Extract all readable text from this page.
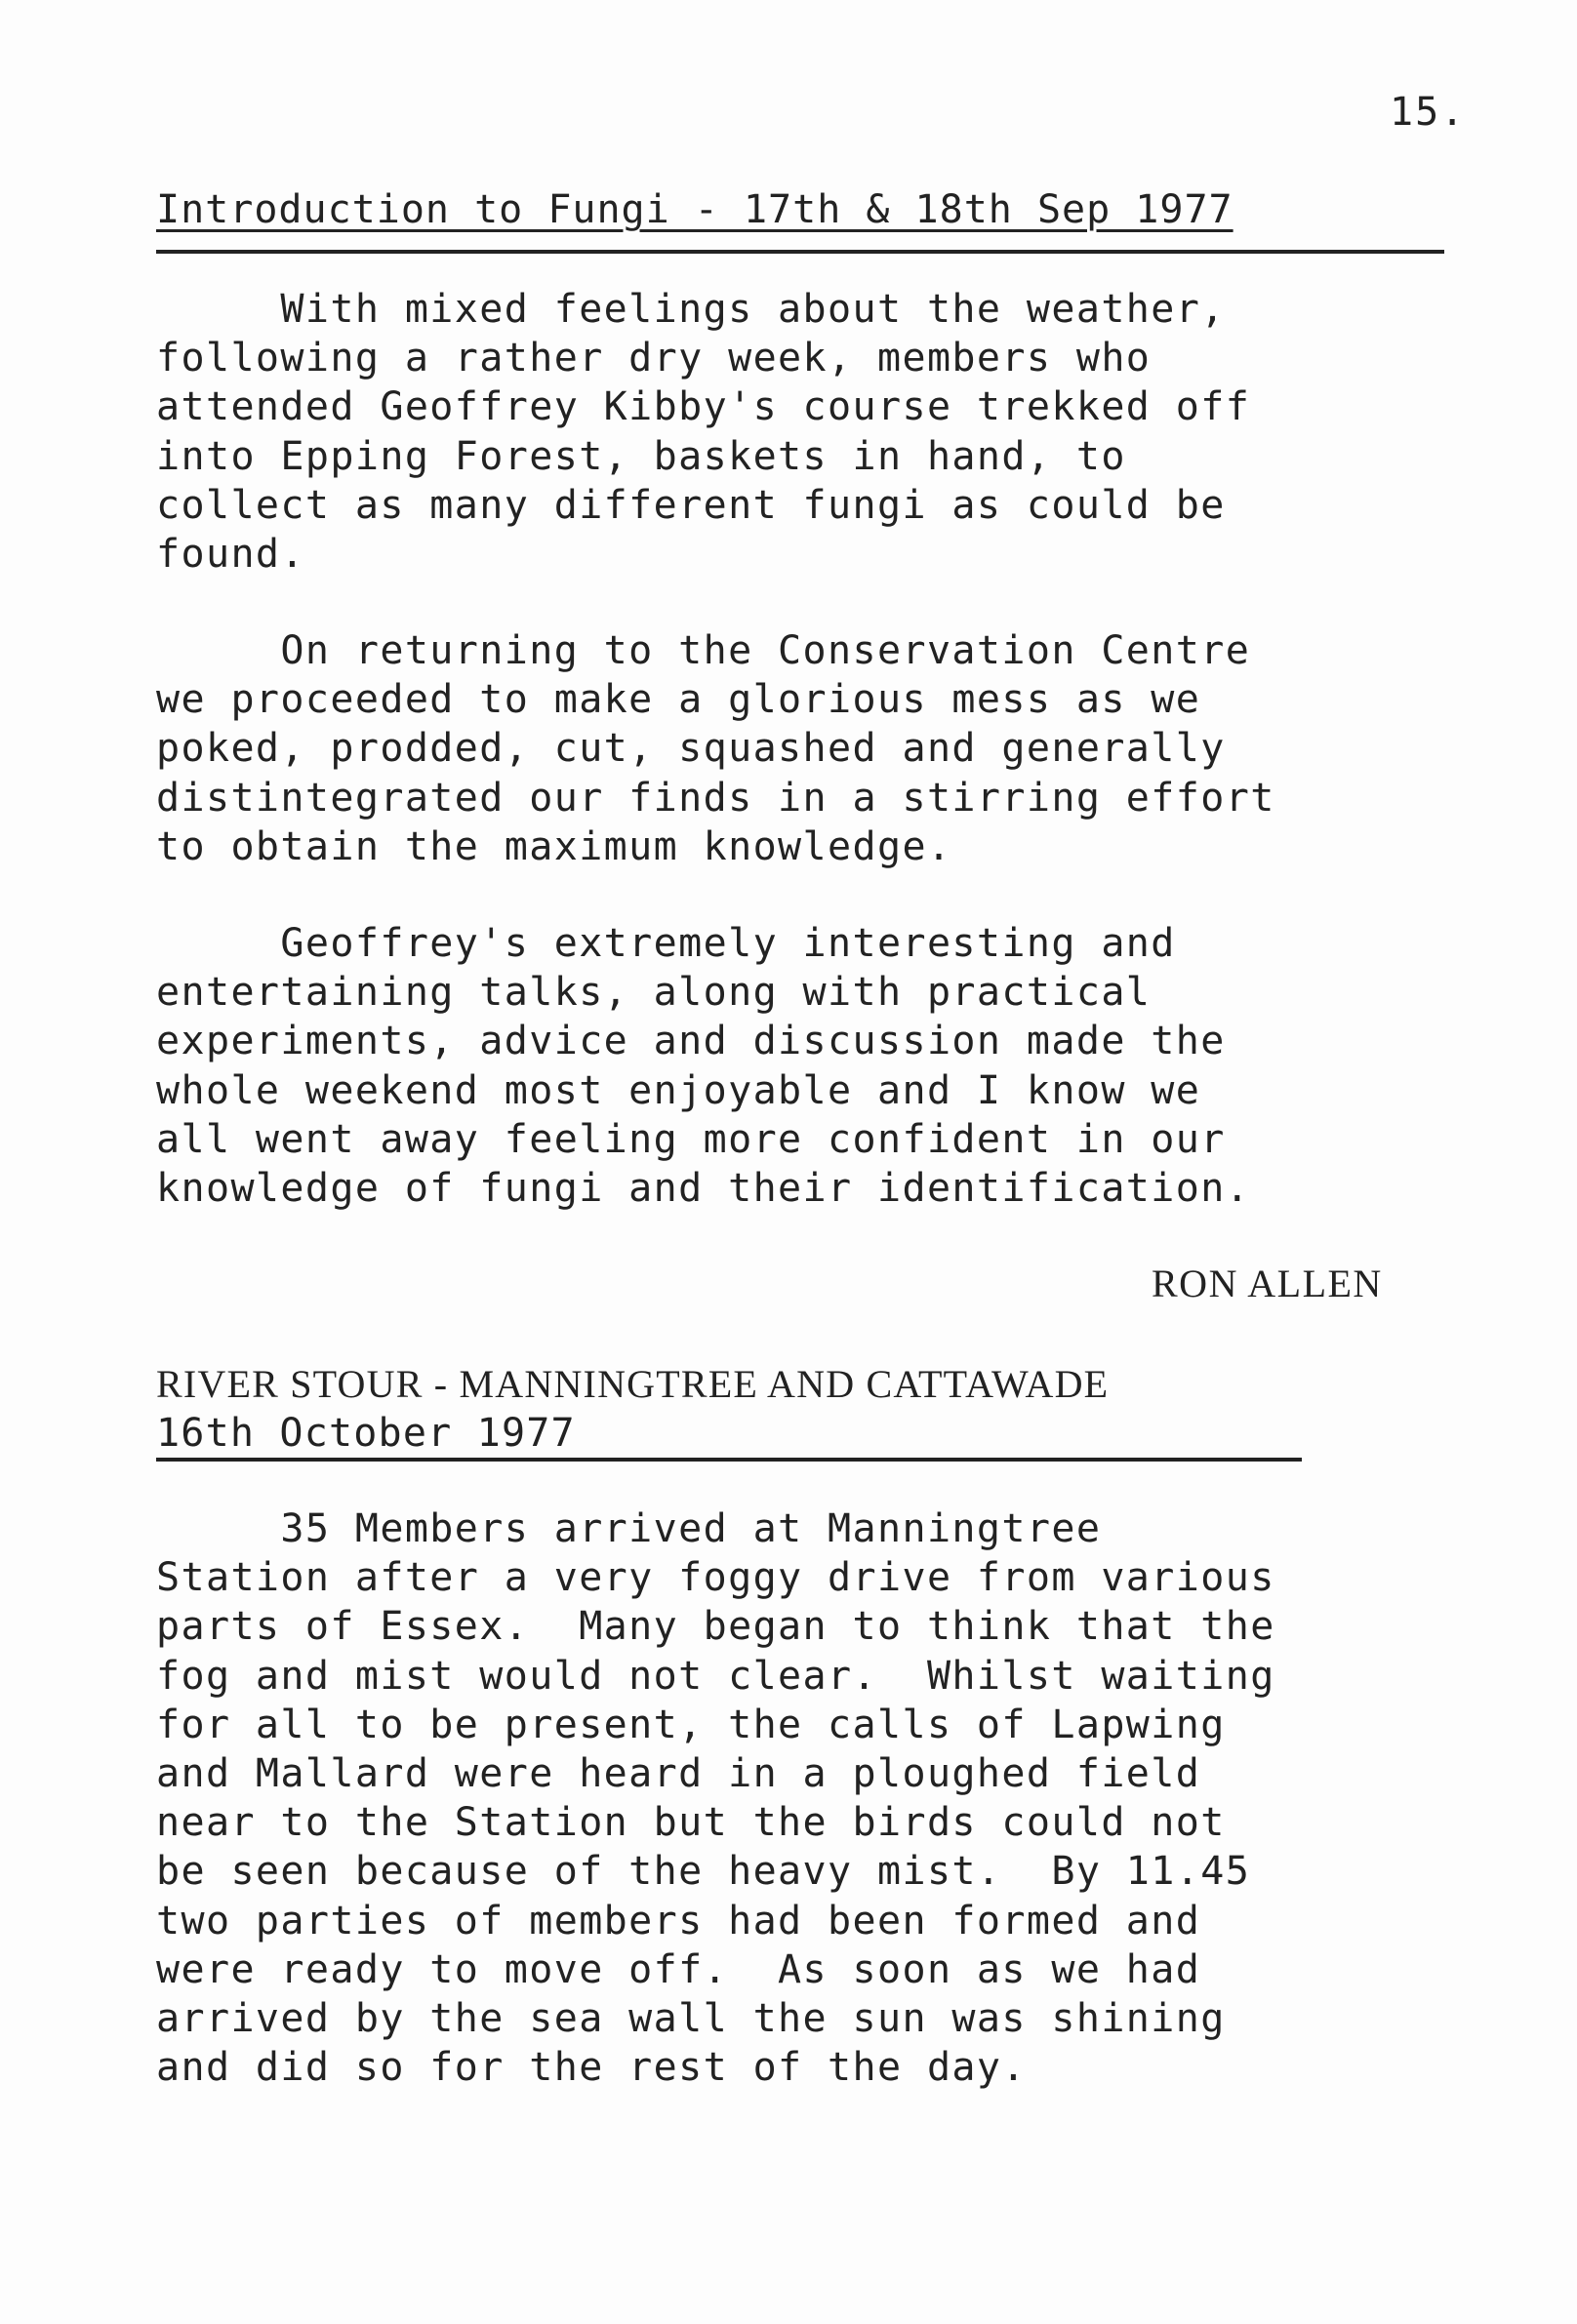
15.
Introduction to Fungi - 17th & 18th Sep 1977

With mixed feelings about the weather,
following a rather dry week, members who
attended Geoffrey Kibby's course trekked off
into Epping Forest, baskets in hand, to
collect as many different fungi as could be
found.

On returning to the Conservation Centre
we proceeded to make a glorious mess as we
poked, prodded, cut, squashed and generally
distintegrated our finds in a stirring effort
to obtain the maximum knowledge.

Geoffrey's extremely interesting and
entertaining talks, along with practical
experiments, advice and discussion made the
whole weekend most enjoyable and I know we
all went away feeling more confident in our
knowledge of fungi and their identification.

RON ALLEN
RIVER STOUR - MANNINGTREE AND CATTAWADE
16th October 1977

35 Members arrived at Manningtree
Station after a very foggy drive from various
parts of Essex.  Many began to think that the
fog and mist would not clear.  Whilst waiting
for all to be present, the calls of Lapwing
and Mallard were heard in a ploughed field
near to the Station but the birds could not
be seen because of the heavy mist.  By 11.45
two parties of members had been formed and
were ready to move off.  As soon as we had
arrived by the sea wall the sun was shining
and did so for the rest of the day.
